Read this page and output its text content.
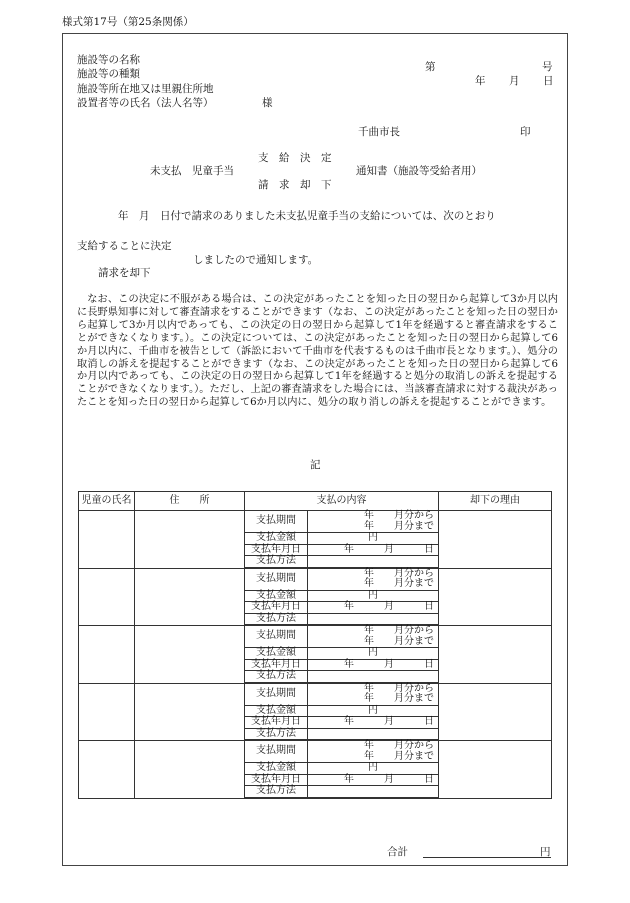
様式第17号（第25条関係）
施設等の名称
施設等の種類
施設等所在地又は里親住所地
設置者等の氏名（法人名等）	様
第	号
年 月 日
千曲市長	印
未支払　児童手当
支　給　決　定
請　求　却　下
通知書（施設等受給者用）
年　月　日付で請求のありました未支払児童手当の支給については、次のとおり
支給することに決定
しましたので通知します。
請求を却下
なお、この決定に不服がある場合は、この決定があったことを知った日の翌日から起算して3か月以内に長野県知事に対して審査請求をすることができます（なお、この決定があったことを知った日の翌日から起算して3か月以内であっても、この決定の日の翌日から起算して1年を経過すると審査請求をすることができなくなります。）。この決定については、この決定があったことを知った日の翌日から起算して6か月以内に、千曲市を被告として（訴訟において千曲市を代表するものは千曲市長となります。）、処分の取消しの訴えを提起することができます（なお、この決定があったことを知った日の翌日から起算して6か月以内であっても、この決定の日の翌日から起算して1年を経過すると処分の取消しの訴えを提起することができなくなります。）。ただし、上記の審査請求をした場合には、当該審査請求に対する裁決があったことを知った日の翌日から起算して6か月以内に、処分の取り消しの訴えを提起することができます。
記
児童の氏名	住　　所	支払の内容		却下の理由
		支払期間	年　　月分から	
			年　　月分まで	
		支払金額	円	
		支払年月日	年　　　月　　　日	
		支払方法		

		支払期間	年　　月分から	
			年　　月分まで	
		支払金額	円	
		支払年月日	年　　　月　　　日	
		支払方法		

		支払期間	年　　月分から	
			年　　月分まで	
		支払金額	円	
		支払年月日	年　　　月　　　日	
		支払方法		

		支払期間	年　　月分から	
			年　　月分まで	
		支払金額	円	
		支払年月日	年　　　月　　　日	
		支払方法		

		支払期間	年　　月分から	
			年　　月分まで	
		支払金額	円	
		支払年月日	年　　　月　　　日	
		支払方法		

合計	円
